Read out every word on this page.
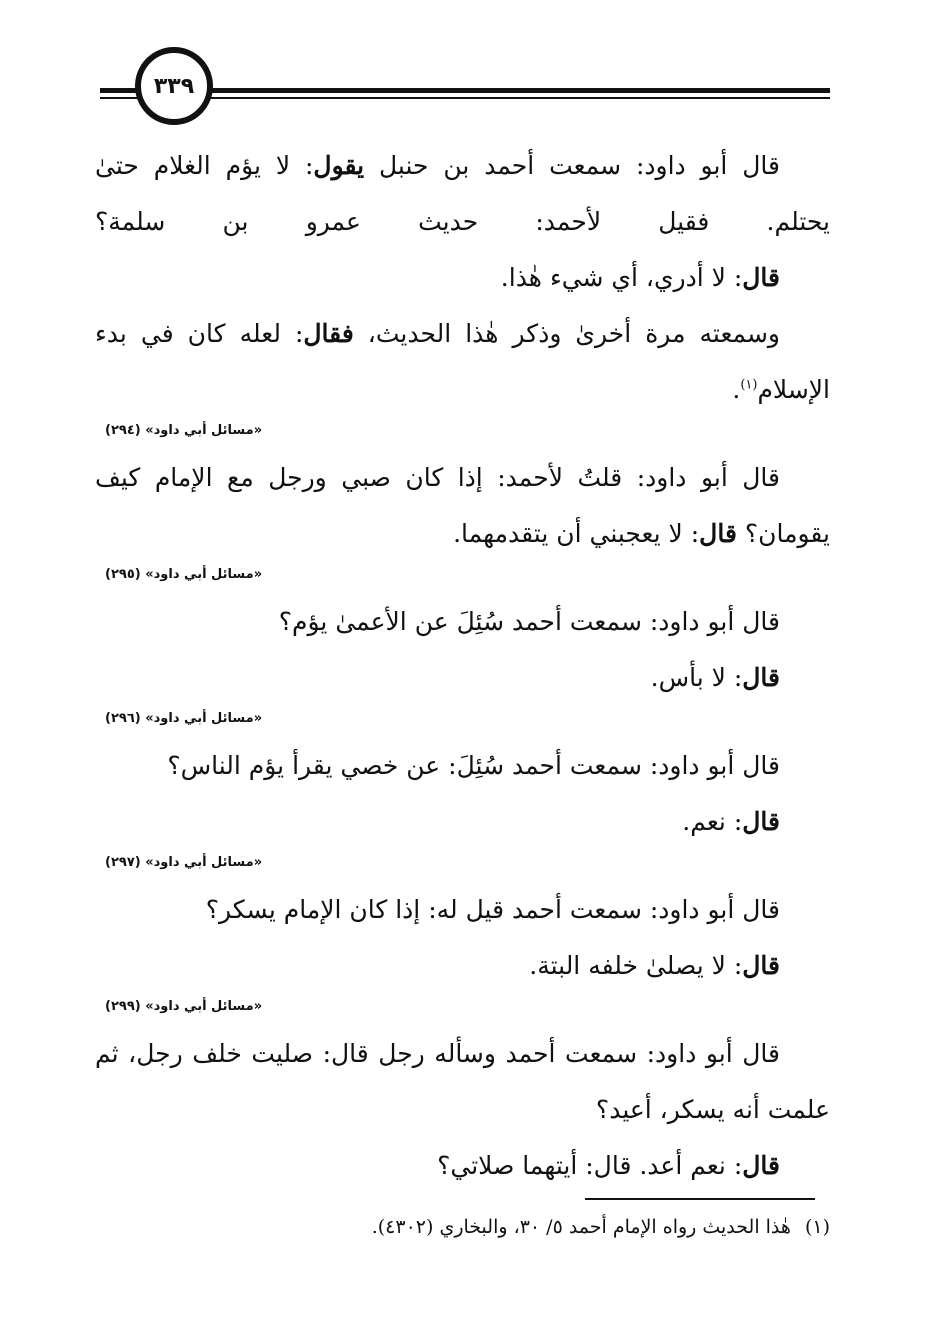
٣٣٩
قال أبو داود: سمعت أحمد بن حنبل يقول: لا يؤم الغلام حتىٰ
يحتلم. فقيل لأحمد: حديث عمرو بن سلمة؟
قال: لا أدري، أي شيء هٰذا.
وسمعته مرة أخرىٰ وذكر هٰذا الحديث، فقال: لعله كان في بدء
الإسلام$^{(١)}$.
«مسائل أبي داود» (٢٩٤)
قال أبو داود: قلتُ لأحمد: إذا كان صبي ورجل مع الإمام كيف
يقومان؟ قال: لا يعجبني أن يتقدمهما.
«مسائل أبي داود» (٢٩٥)
قال أبو داود: سمعت أحمد سُئِلَ عن الأعمىٰ يؤم؟
قال: لا بأس.
«مسائل أبي داود» (٢٩٦)
قال أبو داود: سمعت أحمد سُئِلَ: عن خصي يقرأ يؤم الناس؟
قال: نعم.
«مسائل أبي داود» (٢٩٧)
قال أبو داود: سمعت أحمد قيل له: إذا كان الإمام يسكر؟
قال: لا يصلىٰ خلفه البتة.
«مسائل أبي داود» (٢٩٩)
قال أبو داود: سمعت أحمد وسأله رجل قال: صليت خلف رجل، ثم
علمت أنه يسكر، أعيد؟
قال: نعم أعد. قال: أيتهما صلاتي؟
(١)هٰذا الحديث رواه الإمام أحمد ٥/ ٣٠، والبخاري (٤٣٠٢).
